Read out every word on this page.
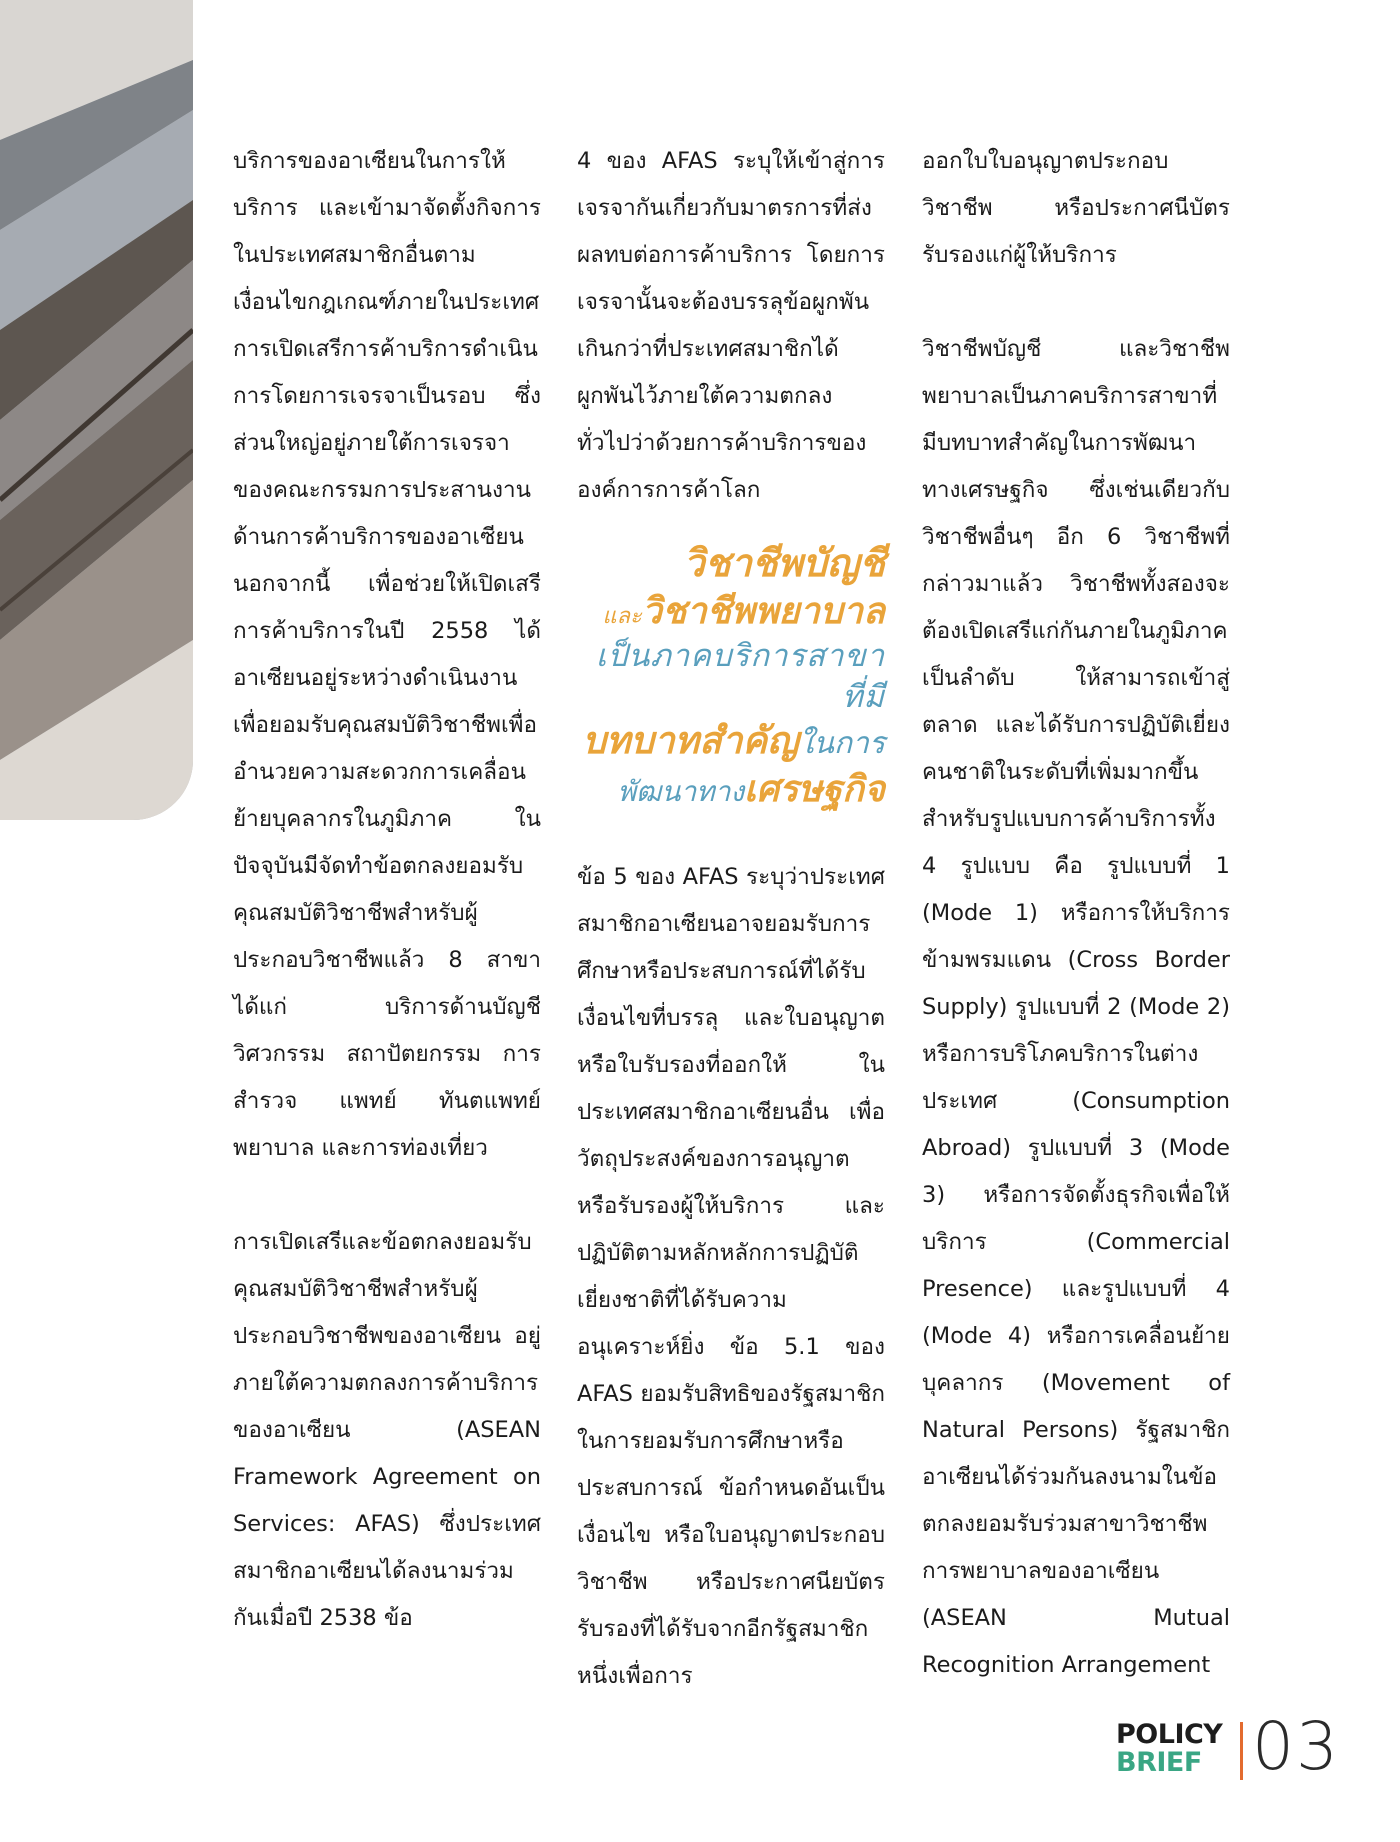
บริการของอาเซียนในการให้บริการ และเข้ามาจัดตั้งกิจการในประเทศสมาชิกอื่นตามเงื่อนไขกฎเกณฑ์ภายในประเทศ การเปิดเสรีการค้าบริการดำเนินการโดยการเจรจาเป็นรอบ ซึ่งส่วนใหญ่อยู่ภายใต้การเจรจาของคณะกรรมการประสานงานด้านการค้าบริการของอาเซียน นอกจากนี้ เพื่อช่วยให้เปิดเสรีการค้าบริการในปี 2558 ได้ อาเซียนอยู่ระหว่างดำเนินงานเพื่อยอมรับคุณสมบัติวิชาชีพเพื่ออำนวยความสะดวกการเคลื่อนย้ายบุคลากรในภูมิภาค ในปัจจุบันมีจัดทำข้อตกลงยอมรับคุณสมบัติวิชาชีพสำหรับผู้ประกอบวิชาชีพแล้ว 8 สาขา ได้แก่ บริการด้านบัญชี วิศวกรรม สถาปัตยกรรม การสำรวจ แพทย์ ทันตแพทย์ พยาบาล และการท่องเที่ยว

การเปิดเสรีและข้อตกลงยอมรับคุณสมบัติวิชาชีพสำหรับผู้ประกอบวิชาชีพของอาเซียน อยู่ภายใต้ความตกลงการค้าบริการของอาเซียน (ASEAN Framework Agreement on Services: AFAS) ซึ่งประเทศสมาชิกอาเซียนได้ลงนามร่วมกันเมื่อปี 2538 ข้อ

4 ของ AFAS ระบุให้เข้าสู่การเจรจากันเกี่ยวกับมาตรการที่ส่งผลทบต่อการค้าบริการ โดยการเจรจานั้นจะต้องบรรลุข้อผูกพันเกินกว่าที่ประเทศสมาชิกได้ผูกพันไว้ภายใต้ความตกลงทั่วไปว่าด้วยการค้าบริการขององค์การการค้าโลก

วิชาชีพบัญชี
และวิชาชีพพยาบาล
เป็นภาคบริการสาขาที่มี
บทบาทสำคัญในการ
พัฒนาทางเศรษฐกิจ

ข้อ 5 ของ AFAS ระบุว่าประเทศสมาชิกอาเซียนอาจยอมรับการศึกษาหรือประสบการณ์ที่ได้รับ เงื่อนไขที่บรรลุ และใบอนุญาตหรือใบรับรองที่ออกให้ ในประเทศสมาชิกอาเซียนอื่น เพื่อวัตถุประสงค์ของการอนุญาตหรือรับรองผู้ให้บริการ และปฏิบัติตามหลักหลักการปฏิบัติเยี่ยงชาติที่ได้รับความอนุเคราะห์ยิ่ง ข้อ 5.1 ของ AFAS ยอมรับสิทธิของรัฐสมาชิกในการยอมรับการศึกษาหรือประสบการณ์ ข้อกำหนดอันเป็นเงื่อนไข หรือใบอนุญาตประกอบวิชาชีพ หรือประกาศนียบัตรรับรองที่ได้รับจากอีกรัฐสมาชิกหนึ่งเพื่อการ

ออกใบใบอนุญาตประกอบวิชาชีพ หรือประกาศนีบัตรรับรองแก่ผู้ให้บริการ

วิชาชีพบัญชี และวิชาชีพพยาบาลเป็นภาคบริการสาขาที่มีบทบาทสำคัญในการพัฒนาทางเศรษฐกิจ ซึ่งเช่นเดียวกับวิชาชีพอื่นๆ อีก 6 วิชาชีพที่กล่าวมาแล้ว วิชาชีพทั้งสองจะต้องเปิดเสรีแก่กันภายในภูมิภาคเป็นลำดับ ให้สามารถเข้าสู่ตลาด และได้รับการปฏิบัติเยี่ยงคนชาติในระดับที่เพิ่มมากขึ้นสำหรับรูปแบบการค้าบริการทั้ง 4 รูปแบบ คือ รูปแบบที่ 1 (Mode 1) หรือการให้บริการข้ามพรมแดน (Cross Border Supply) รูปแบบที่ 2 (Mode 2) หรือการบริโภคบริการในต่างประเทศ (Consumption Abroad) รูปแบบที่ 3 (Mode 3) หรือการจัดตั้งธุรกิจเพื่อให้บริการ (Commercial Presence) และรูปแบบที่ 4 (Mode 4) หรือการเคลื่อนย้ายบุคลากร (Movement of Natural Persons) รัฐสมาชิกอาเซียนได้ร่วมกันลงนามในข้อตกลงยอมรับร่วมสาขาวิชาชีพการพยาบาลของอาเซียน (ASEAN Mutual Recognition Arrangement

POLICY
BRIEF 03
